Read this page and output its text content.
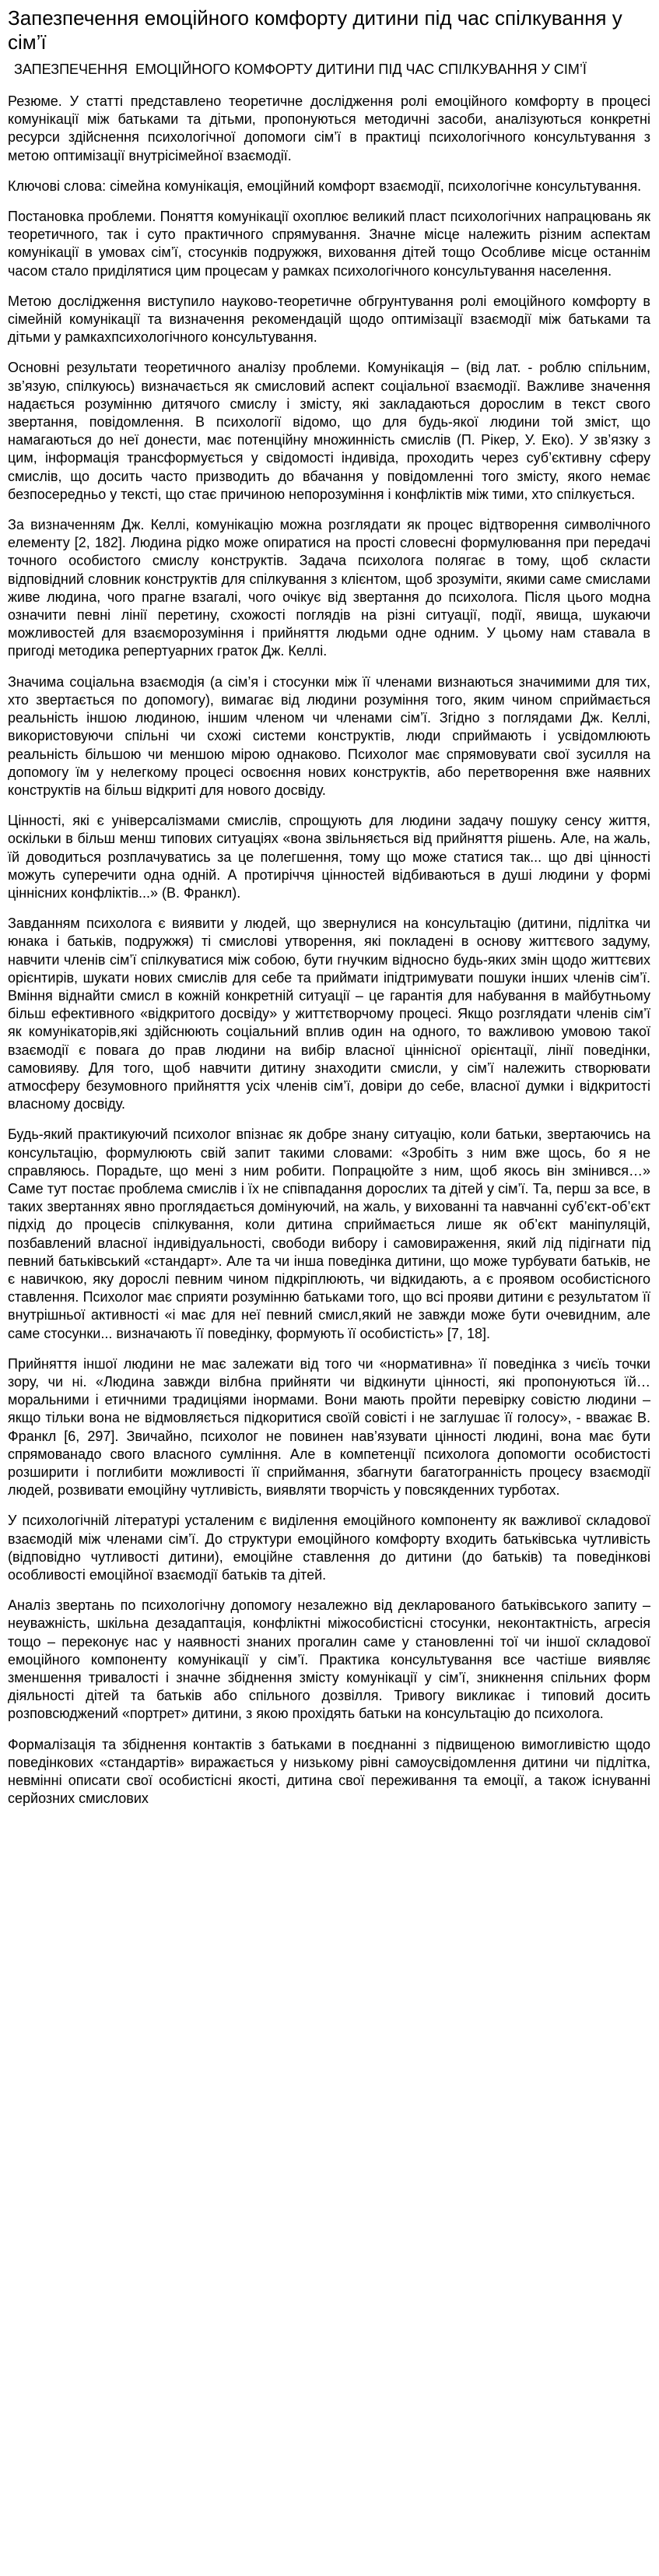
Запезпечення емоційного комфорту дитини під час спілкування у сім’ї
ЗАПЕЗПЕЧЕННЯ  ЕМОЦІЙНОГО КОМФОРТУ ДИТИНИ ПІД ЧАС СПІЛКУВАННЯ У СІМ’Ї

Резюме. У статті представлено теоретичне дослідження ролі емоційного комфорту в процесі комунікації між батьками та дітьми, пропонуються методичні засоби, аналізуються конкретні ресурси здійснення психологічної допомоги сім’ї в практиці психологічного консультування з метою оптимізації внутрісімейної взаємодії.

Ключові слова: сімейна комунікація, емоційний комфорт взаємодії, психологічне консультування.

Постановка проблеми. Поняття комунікації охоплює великий пласт психологічних напрацювань як теоретичного, так і суто практичного спрямування. Значне місце належить різним аспектам комунікації в умовах сім’ї, стосунків подружжя, виховання дітей тощо Особливе місце останнім часом стало приділятися цим процесам у рамках психологічного консультування населення.

Метою дослідження виступило науково-теоретичне обгрунтування ролі емоційного комфорту в сімейній комунікації та визначення рекомендацій щодо оптимізації взаємодії між батьками та дітьми у рамкахпсихологічного консультування.

Основні результати теоретичного аналізу проблеми. Комунікація – (від лат. - роблю спільним, зв’язую, спілкуюсь) визначається як смисловий аспект соціальної взаємодії. Важливе значення надається розумінню дитячого смислу і змісту, які закладаються дорослим в текст свого звертання, повідомлення. В психології відомо, що для будь-якої людини той зміст, що намагаються до неї донести, має потенційну множинність смислів (П. Рікер, У. Еко). У зв’язку з цим, інформація трансформується у свідомості індивіда, проходить через суб’єктивну сферу смислів, що досить часто призводить до вбачання у повідомленні того змісту, якого немає безпосередньо у тексті, що стає причиною непорозуміння і конфліктів між тими, хто спілкується.

За визначенням Дж. Келлі, комунікацію можна розглядати як процес відтворення символічного елементу [2, 182]. Людина рідко може опиратися на прості словесні формулювання при передачі точного особистого смислу конструктів. Задача психолога полягає в тому, щоб скласти відповідний словник конструктів для спілкування з клієнтом, щоб зрозуміти, якими саме смислами живе людина, чого прагне взагалі, чого очікує від звертання до психолога. Після цього модна означити певні лінії перетину, схожості поглядів на різні ситуації, події, явища, шукаючи можливостей для взаєморозуміння і прийняття людьми одне одним. У цьому нам ставала в пригоді методика репертуарних граток Дж. Келлі.

Значима соціальна взаємодія (а сім’я і стосунки між її членами визнаються значимими для тих, хто звертається по допомогу), вимагає від людини розуміння того, яким чином сприймається реальність іншою людиною, іншим членом чи членами сім’ї. Згідно з поглядами Дж. Келлі, використовуючи спільні чи схожі системи конструктів, люди сприймають і усвідомлюють реальність більшою чи меншою мірою однаково. Психолог має спрямовувати свої зусилля на допомогу їм у нелегкому процесі освоєння нових конструктів, або перетворення вже наявних конструктів на більш відкриті для нового досвіду.

Цінності, які є універсалізмами смислів, спрощують для людини задачу пошуку сенсу життя, оскільки в більш менш типових ситуаціях «вона звільняється від прийняття рішень. Але, на жаль, їй доводиться розплачуватись за це полегшення, тому що може статися так... що дві цінності можуть суперечити одна одній. А протиріччя цінностей відбиваються в душі людини у формі ціннісних конфліктів...» (В. Франкл).

Завданням психолога є виявити у людей, що звернулися на консультацію (дитини, підлітка чи юнака і батьків, подружжя) ті смислові утворення, які покладені в основу життєвого задуму, навчити членів сім’ї спілкуватися між собою, бути гнучким відносно будь-яких змін щодо життєвих орієнтирів, шукати нових смислів для себе та приймати іпідтримувати пошуки інших членів сім’ї. Вміння віднайти смисл в кожній конкретній ситуації – це гарантія для набування в майбутньому більш ефективного «відкритого досвіду» у життєтворчому процесі. Якщо розглядати членів сім’ї як комунікаторів,які здійснюють соціальний вплив один на одного, то важливою умовою такої взаємодії є повага до прав людини на вибір власної ціннісної орієнтації, лінії поведінки, самовияву. Для того, щоб навчити дитину знаходити смисли, у сім’ї належить створювати атмосферу безумовного прийняття усіх членів сім’ї, довіри до себе, власної думки і відкритості власному досвіду.

Будь-який практикуючий психолог впізнає як добре знану ситуацію, коли батьки, звертаючись на консультацію, формулюють свій запит такими словами: «Зробіть з ним вже щось, бо я не справляюсь. Порадьте, що мені з ним робити. Попрацюйте з ним, щоб якось він змінився…» Саме тут постає проблема смислів і їх не співпадання дорослих та дітей у сім’ї. Та, перш за все, в таких звертаннях явно проглядається домінуючий, на жаль, у вихованні та навчанні суб’єкт-об’єкт підхід до процесів спілкування, коли дитина сприймається лише як об’єкт маніпуляцій, позбавлений власної індивідуальності, свободи вибору і самовираження, який лід підігнати під певний батьківський «стандарт». Але та чи інша поведінка дитини, що може турбувати батьків, не є навичкою, яку дорослі певним чином підкріплюють, чи відкидають, а є проявом особистісного ставлення. Психолог має сприяти розумінню батьками того, що всі прояви дитини є результатом її внутрішньої активності «і має для неї певний смисл,який не завжди може бути очевидним, але саме стосунки... визначають її поведінку, формують її особистість» [7, 18].

Прийняття іншої людини не має залежати від того чи «нормативна» її поведінка з чиєїь точки зору, чи ні. «Людина завжди вілбна прийняти чи відкинути цінності, які пропонуються їй… моральними і етичними традиціями інормами. Вони мають пройти перевірку совістю людини – якщо тільки вона не відмовляється підкоритися своїй совісті і не заглушає її голосу», - вважає В. Франкл [6, 297]. Звичайно, психолог не повинен нав’язувати цінності людині, вона має бути спрямованадо свого власного сумління. Але в компетенції психолога допомогти особистості розширити і поглибити можливості її сприймання, збагнути багатогранність процесу взаємодії людей, розвивати емоційну чутливість, виявляти творчість у повсякденних турботах.

У психологічній літературі усталеним є виділення емоційного компоненту як важливої складової взаємодій між членами сім’ї. До структури емоційного комфорту входить батьківська чутливість (відповідно чутливості дитини), емоційне ставлення до дитини (до батьків) та поведінкові особливості емоційної взаємодії батьків та дітей.

Аналіз звертань по психологічну допомогу незалежно від декларованого батьківського запиту – неуважність, шкільна дезадаптація, конфліктні міжособистісні стосунки, неконтактність, агресія тощо – переконує нас у наявності знаних прогалин саме у становленні тої чи іншої складової емоційного компоненту комунікації у сім’ї. Практика консультування все частіше виявляє зменшення тривалості і значне збіднення змісту комунікації у сім’ї, зникнення спільних форм діяльності дітей та батьків або спільного дозвілля. Тривогу викликає і типовий досить розповсюджений «портрет» дитини, з якою прохідять батьки на консультацію до психолога.

Формалізація та збіднення контактів з батьками в поєднанні з підвищеною вимогливістю щодо поведінкових «стандартів» виражається у низькому рівні самоусвідомлення дитини чи підлітка, невмінні описати свої особистісні якості, дитина свої переживання та емоції, а також існуванні серйозних смислових
